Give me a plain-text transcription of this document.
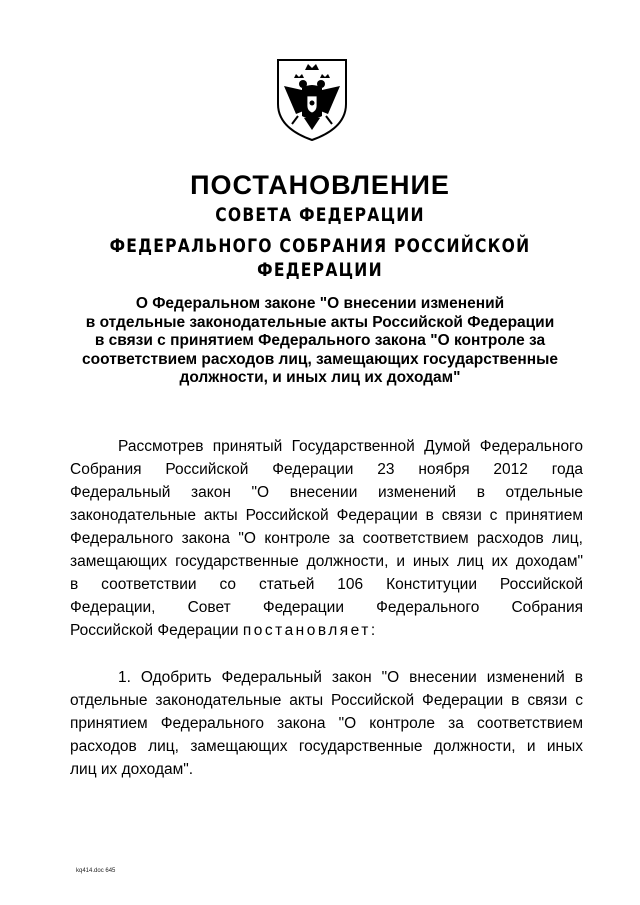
ПОСТАНОВЛЕНИЕ
СОВЕТА ФЕДЕРАЦИИ
ФЕДЕРАЛЬНОГО СОБРАНИЯ РОССИЙСКОЙ ФЕДЕРАЦИИ
О Федеральном законе "О внесении изменений
в отдельные законодательные акты Российской Федерации
в связи с принятием Федерального закона "О контроле за
соответствием расходов лиц, замещающих государственные
должности, и иных лиц их доходам"
Рассмотрев принятый Государственной Думой Федерального
Собрания Российской Федерации 23 ноября 2012 года
Федеральный закон "О внесении изменений в отдельные
законодательные акты Российской Федерации в связи с принятием
Федерального закона "О контроле за соответствием расходов лиц,
замещающих государственные должности, и иных лиц их доходам"
в соответствии со статьей 106 Конституции Российской
Федерации, Совет Федерации Федерального Собрания
Российской Федерации постановляет:
1. Одобрить Федеральный закон "О внесении изменений в
отдельные законодательные акты Российской Федерации в связи с
принятием Федерального закона "О контроле за соответствием
расходов лиц, замещающих государственные должности, и иных
лиц их доходам".
kq414.doc 645
